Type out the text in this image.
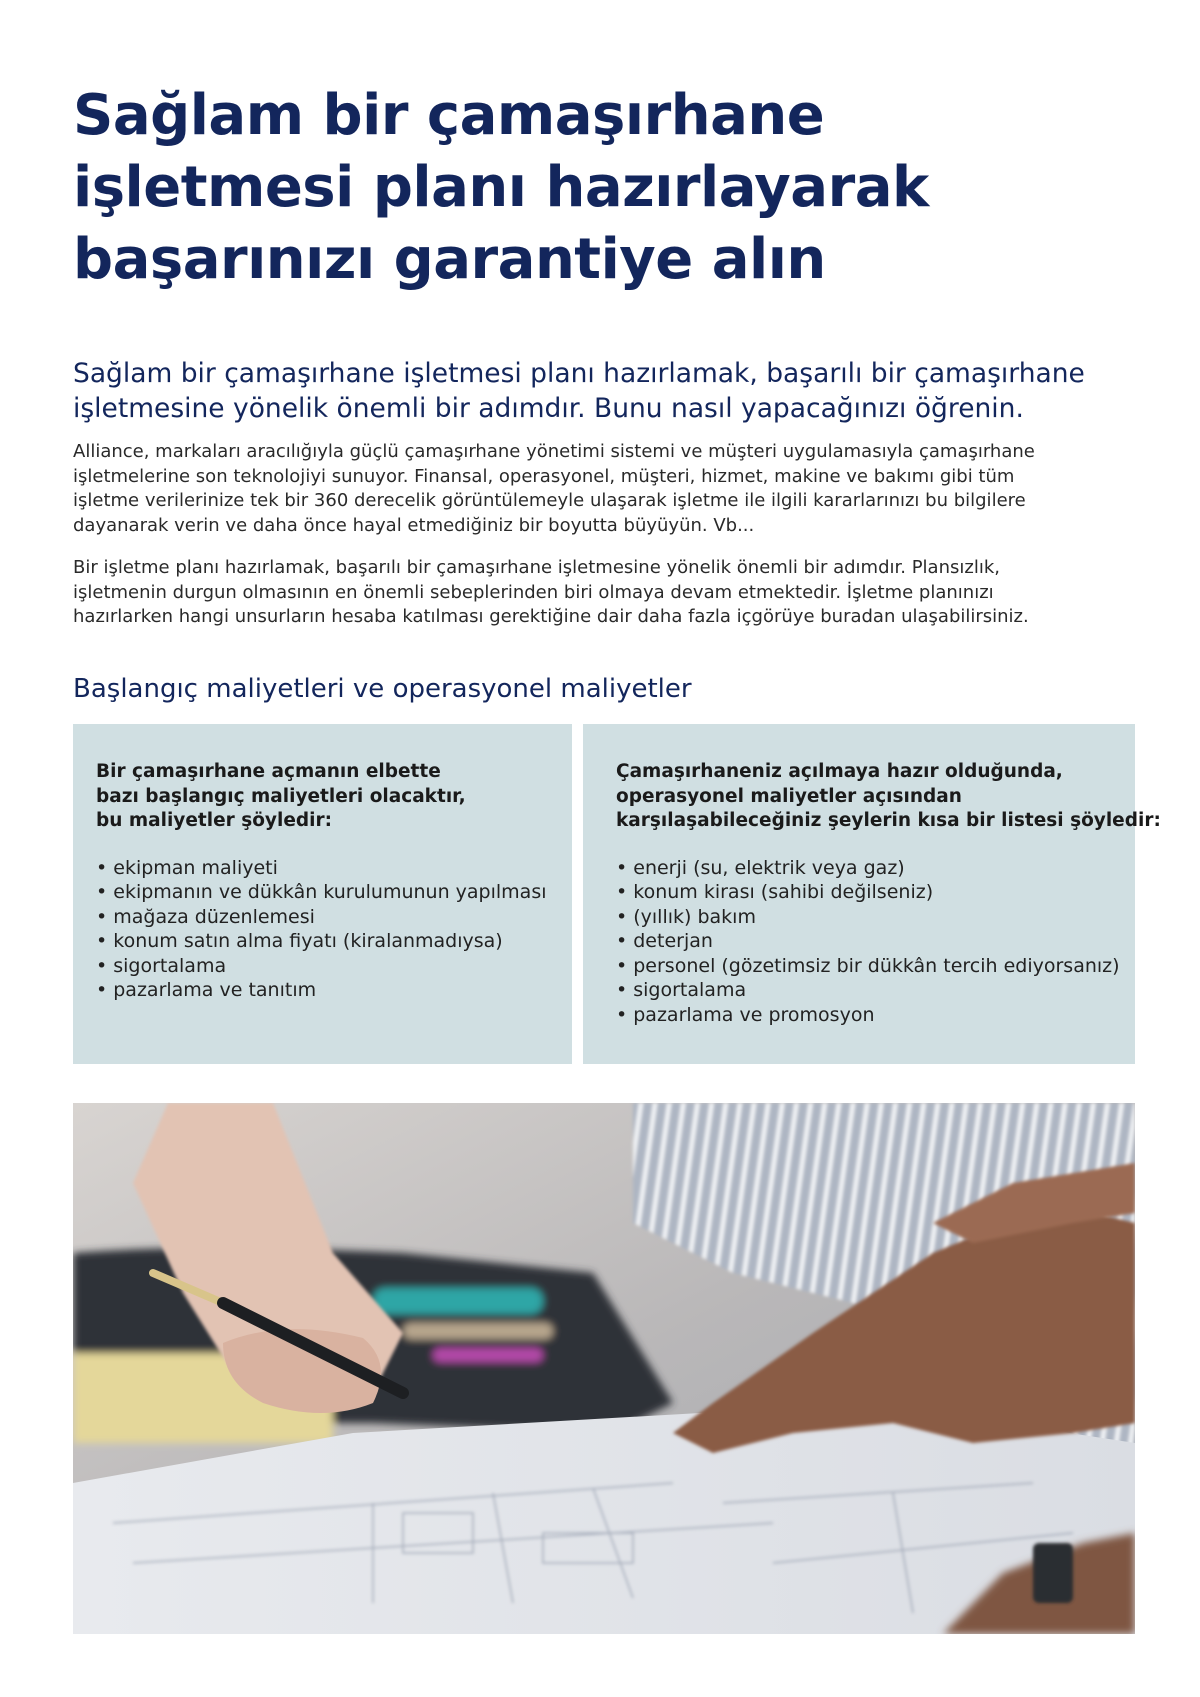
Sağlam bir çamaşırhane
işletmesi planı hazırlayarak
başarınızı garantiye alın
Sağlam bir çamaşırhane işletmesi planı hazırlamak, başarılı bir çamaşırhane
işletmesine yönelik önemli bir adımdır. Bunu nasıl yapacağınızı öğrenin.

Alliance, markaları aracılığıyla güçlü çamaşırhane yönetimi sistemi ve müşteri uygulamasıyla çamaşırhane
işletmelerine son teknolojiyi sunuyor. Finansal, operasyonel, müşteri, hizmet, makine ve bakımı gibi tüm
işletme verilerinize tek bir 360 derecelik görüntülemeyle ulaşarak işletme ile ilgili kararlarınızı bu bilgilere
dayanarak verin ve daha önce hayal etmediğiniz bir boyutta büyüyün. Vb...

Bir işletme planı hazırlamak, başarılı bir çamaşırhane işletmesine yönelik önemli bir adımdır. Plansızlık,
işletmenin durgun olmasının en önemli sebeplerinden biri olmaya devam etmektedir. İşletme planınızı
hazırlarken hangi unsurların hesaba katılması gerektiğine dair daha fazla içgörüye buradan ulaşabilirsiniz.

Başlangıç maliyetleri ve operasyonel maliyetler

Bir çamaşırhane açmanın elbette
bazı başlangıç maliyetleri olacaktır,
bu maliyetler şöyledir:

• ekipman maliyeti
• ekipmanın ve dükkân kurulumunun yapılması
• mağaza düzenlemesi
• konum satın alma fiyatı (kiralanmadıysa)
• sigortalama
• pazarlama ve tanıtım

Çamaşırhaneniz açılmaya hazır olduğunda,
operasyonel maliyetler açısından
karşılaşabileceğiniz şeylerin kısa bir listesi şöyledir:

• enerji (su, elektrik veya gaz)
• konum kirası (sahibi değilseniz)
• (yıllık) bakım
• deterjan
• personel (gözetimsiz bir dükkân tercih ediyorsanız)
• sigortalama
• pazarlama ve promosyon
